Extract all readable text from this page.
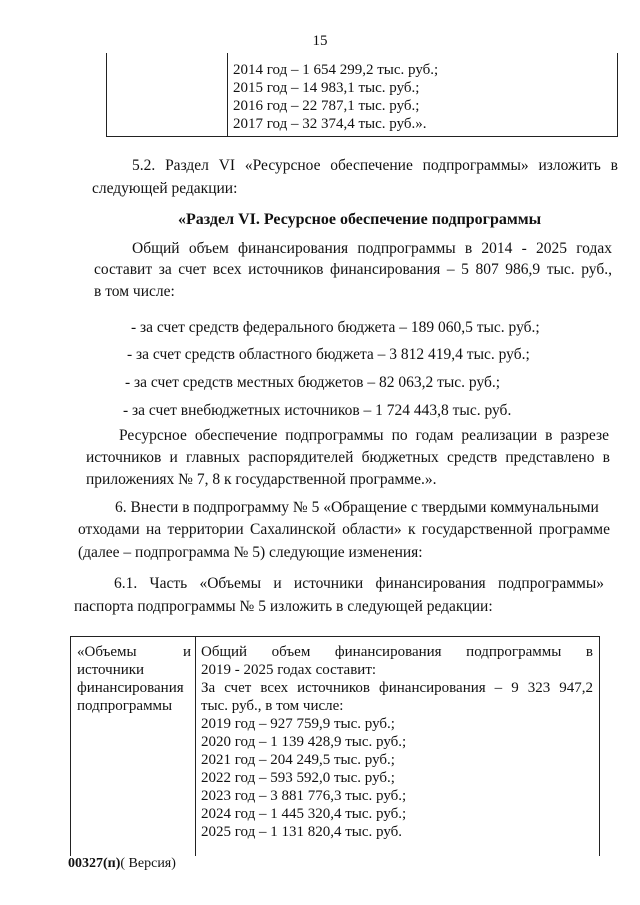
15
2014 год – 1 654 299,2 тыс. руб.;
2015 год – 14 983,1 тыс. руб.;
2016 год – 22 787,1 тыс. руб.;
2017 год – 32 374,4 тыс. руб.».
5.2. Раздел VI «Ресурсное обеспечение подпрограммы» изложить в
следующей редакции:
«Раздел VI. Ресурсное обеспечение подпрограммы
Общий объем финансирования подпрограммы в 2014 - 2025 годах
составит за счет всех источников финансирования – 5 807 986,9 тыс. руб.,
в том числе:
- за счет средств федерального бюджета – 189 060,5 тыс. руб.;
- за счет средств областного бюджета – 3 812 419,4 тыс. руб.;
- за счет средств местных бюджетов – 82 063,2 тыс. руб.;
- за счет внебюджетных источников – 1 724 443,8 тыс. руб.
Ресурсное обеспечение подпрограммы по годам реализации в разрезе
источников и главных распорядителей бюджетных средств представлено в
приложениях № 7, 8 к государственной программе.».
6. Внести в подпрограмму № 5 «Обращение с твердыми коммунальными
отходами на территории Сахалинской области» к государственной программе
(далее – подпрограмма № 5) следующие изменения:
6.1. Часть «Объемы и источники финансирования подпрограммы»
паспорта подпрограммы № 5 изложить в следующей редакции:
«Объемы и
источники
финансирования
подпрограммы
Общий объем финансирования подпрограммы в
2019 - 2025 годах составит:
За счет всех источников финансирования – 9 323 947,2
тыс. руб., в том числе:
2019 год – 927 759,9 тыс. руб.;
2020 год – 1 139 428,9 тыс. руб.;
2021 год – 204 249,5 тыс. руб.;
2022 год – 593 592,0 тыс. руб.;
2023 год – 3 881 776,3 тыс. руб.;
2024 год – 1 445 320,4 тыс. руб.;
2025 год – 1 131 820,4 тыс. руб.
00327(п)( Версия)
